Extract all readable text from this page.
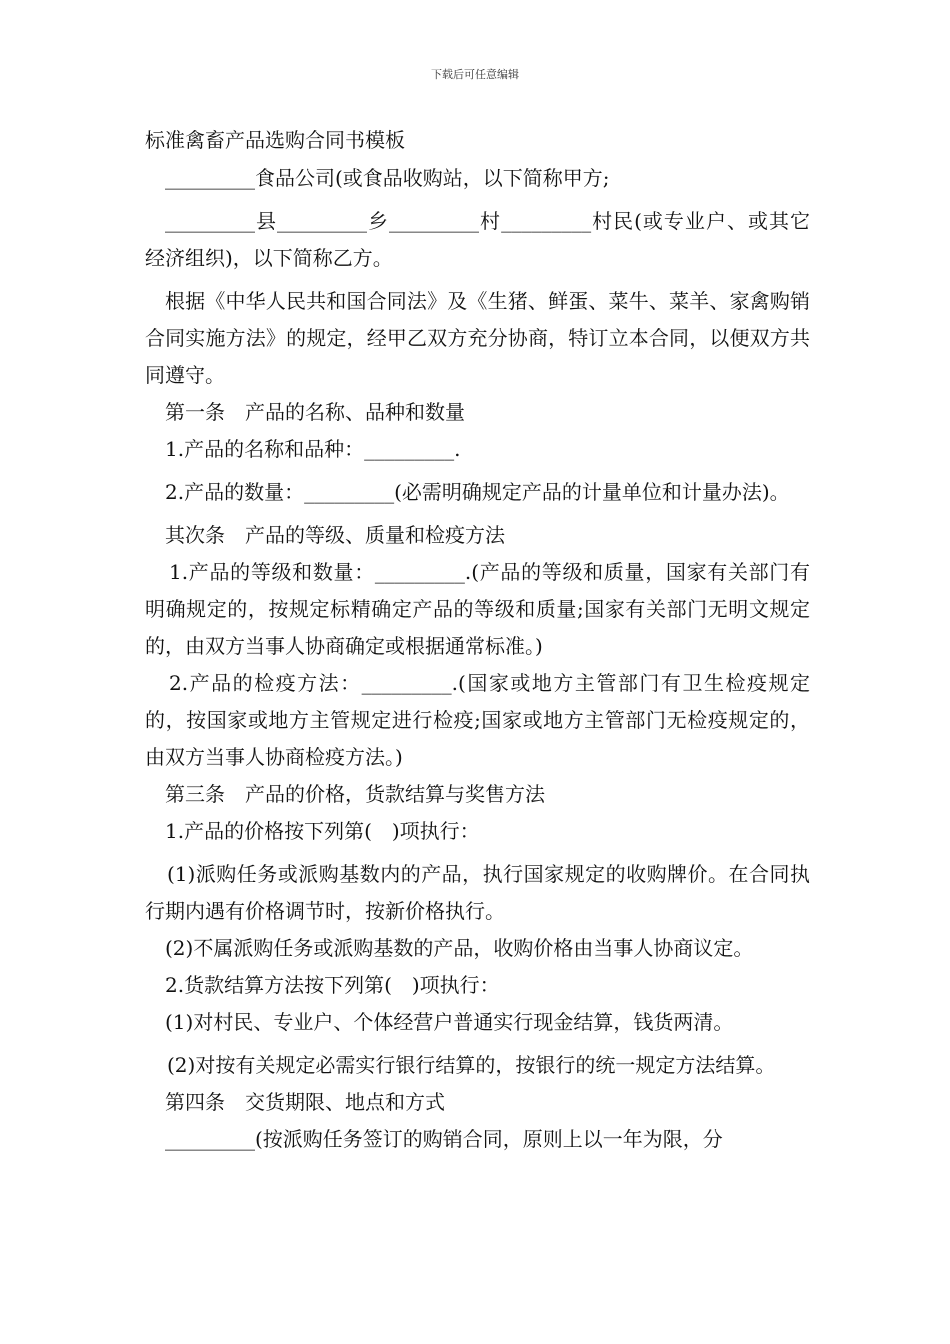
下载后可任意编辑
标准禽畜产品选购合同书模板

_________食品公司(或食品收购站，以下简称甲方;

_________县_________乡_________村_________村民(或专业户、或其它经济组织)，以下简称乙方。

根据《中华人民共和国合同法》及《生猪、鲜蛋、菜牛、菜羊、家禽购销合同实施方法》的规定，经甲乙双方充分协商，特订立本合同，以便双方共同遵守。

第一条　产品的名称、品种和数量

1.产品的名称和品种：_________.

2.产品的数量：_________(必需明确规定产品的计量单位和计量办法)。

其次条　产品的等级、质量和检疫方法

1.产品的等级和数量：_________.(产品的等级和质量，国家有关部门有明确规定的，按规定标精确定产品的等级和质量;国家有关部门无明文规定的，由双方当事人协商确定或根据通常标准。)

2.产品的检疫方法：_________.(国家或地方主管部门有卫生检疫规定的，按国家或地方主管规定进行检疫;国家或地方主管部门无检疫规定的，由双方当事人协商检疫方法。)

第三条　产品的价格，货款结算与奖售方法

1.产品的价格按下列第(　)项执行：

(1)派购任务或派购基数内的产品，执行国家规定的收购牌价。在合同执行期内遇有价格调节时，按新价格执行。

(2)不属派购任务或派购基数的产品，收购价格由当事人协商议定。

2.货款结算方法按下列第(　)项执行：

(1)对村民、专业户、个体经营户普通实行现金结算，钱货两清。

(2)对按有关规定必需实行银行结算的，按银行的统一规定方法结算。

第四条　交货期限、地点和方式

_________(按派购任务签订的购销合同，原则上以一年为限，分
